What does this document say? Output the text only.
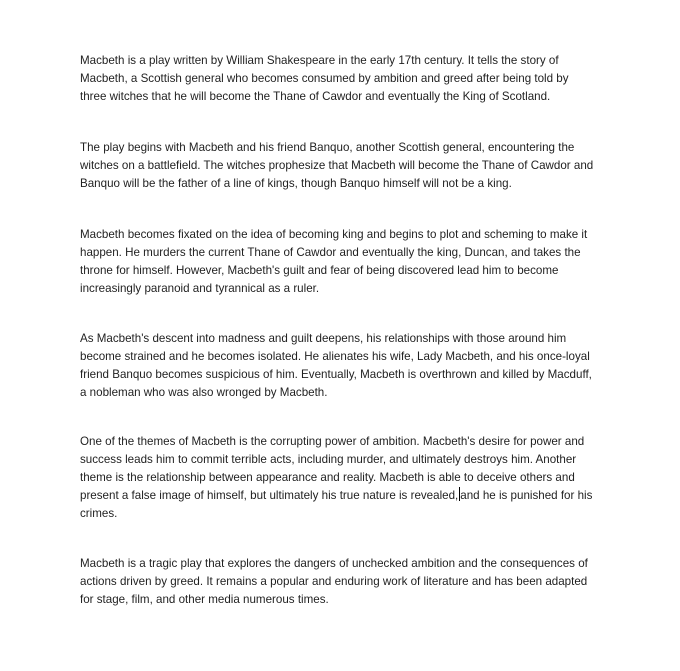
Macbeth is a play written by William Shakespeare in the early 17th century. It tells the story of
Macbeth, a Scottish general who becomes consumed by ambition and greed after being told by
three witches that he will become the Thane of Cawdor and eventually the King of Scotland.
The play begins with Macbeth and his friend Banquo, another Scottish general, encountering the
witches on a battlefield. The witches prophesize that Macbeth will become the Thane of Cawdor and
Banquo will be the father of a line of kings, though Banquo himself will not be a king.
Macbeth becomes fixated on the idea of becoming king and begins to plot and scheming to make it
happen. He murders the current Thane of Cawdor and eventually the king, Duncan, and takes the
throne for himself. However, Macbeth's guilt and fear of being discovered lead him to become
increasingly paranoid and tyrannical as a ruler.
As Macbeth's descent into madness and guilt deepens, his relationships with those around him
become strained and he becomes isolated. He alienates his wife, Lady Macbeth, and his once-loyal
friend Banquo becomes suspicious of him. Eventually, Macbeth is overthrown and killed by Macduff,
a nobleman who was also wronged by Macbeth.
One of the themes of Macbeth is the corrupting power of ambition. Macbeth's desire for power and
success leads him to commit terrible acts, including murder, and ultimately destroys him. Another
theme is the relationship between appearance and reality. Macbeth is able to deceive others and
present a false image of himself, but ultimately his true nature is revealed, and he is punished for his
crimes.
Macbeth is a tragic play that explores the dangers of unchecked ambition and the consequences of
actions driven by greed. It remains a popular and enduring work of literature and has been adapted
for stage, film, and other media numerous times.
